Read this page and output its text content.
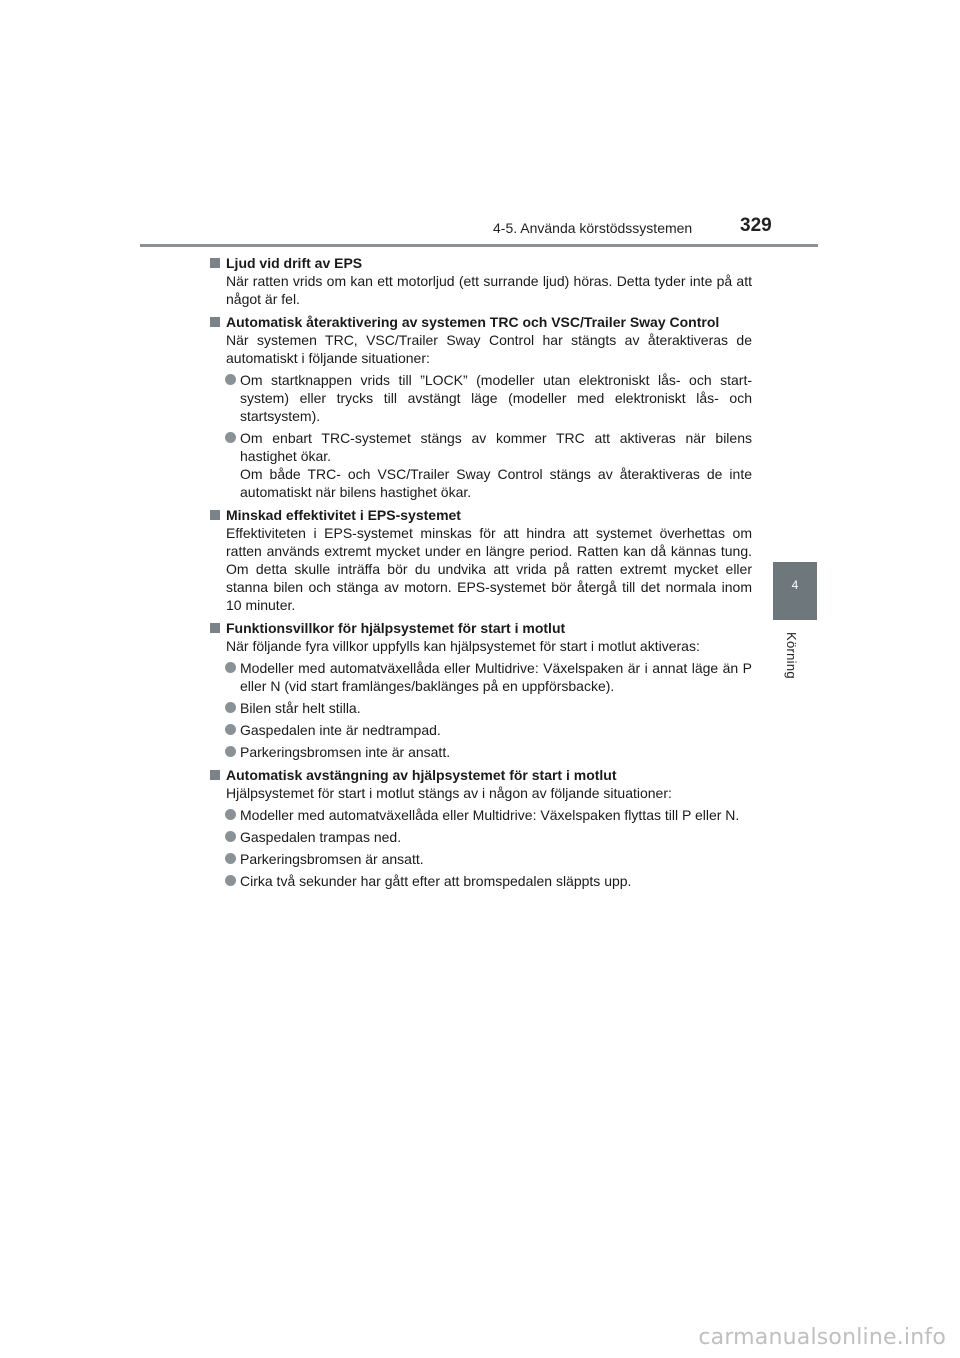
4-5. Använda körstödssystemen	329
4
Körning
Ljud vid drift av EPS
När ratten vrids om kan ett motorljud (ett surrande ljud) höras. Detta tyder inte på att något är fel.
Automatisk återaktivering av systemen TRC och VSC/Trailer Sway Control
När systemen TRC, VSC/Trailer Sway Control har stängts av återaktiveras de automatiskt i följande situationer:
Om startknappen vrids till ”LOCK” (modeller utan elektroniskt lås- och start-system) eller trycks till avstängt läge (modeller med elektroniskt lås- och startsystem).
Om enbart TRC-systemet stängs av kommer TRC att aktiveras när bilens hastighet ökar.
Om både TRC- och VSC/Trailer Sway Control stängs av återaktiveras de inte automatiskt när bilens hastighet ökar.
Minskad effektivitet i EPS-systemet
Effektiviteten i EPS-systemet minskas för att hindra att systemet överhettas om ratten används extremt mycket under en längre period. Ratten kan då kännas tung. Om detta skulle inträffa bör du undvika att vrida på ratten extremt mycket eller stanna bilen och stänga av motorn. EPS-systemet bör återgå till det normala inom 10 minuter.
Funktionsvillkor för hjälpsystemet för start i motlut
När följande fyra villkor uppfylls kan hjälpsystemet för start i motlut aktiveras:
Modeller med automatväxellåda eller Multidrive: Växelspaken är i annat läge än P eller N (vid start framlänges/baklänges på en uppförsbacke).
Bilen står helt stilla.
Gaspedalen inte är nedtrampad.
Parkeringsbromsen inte är ansatt.
Automatisk avstängning av hjälpsystemet för start i motlut
Hjälpsystemet för start i motlut stängs av i någon av följande situationer:
Modeller med automatväxellåda eller Multidrive: Växelspaken flyttas till P eller N.
Gaspedalen trampas ned.
Parkeringsbromsen är ansatt.
Cirka två sekunder har gått efter att bromspedalen släppts upp.
carmanualsonline.info
